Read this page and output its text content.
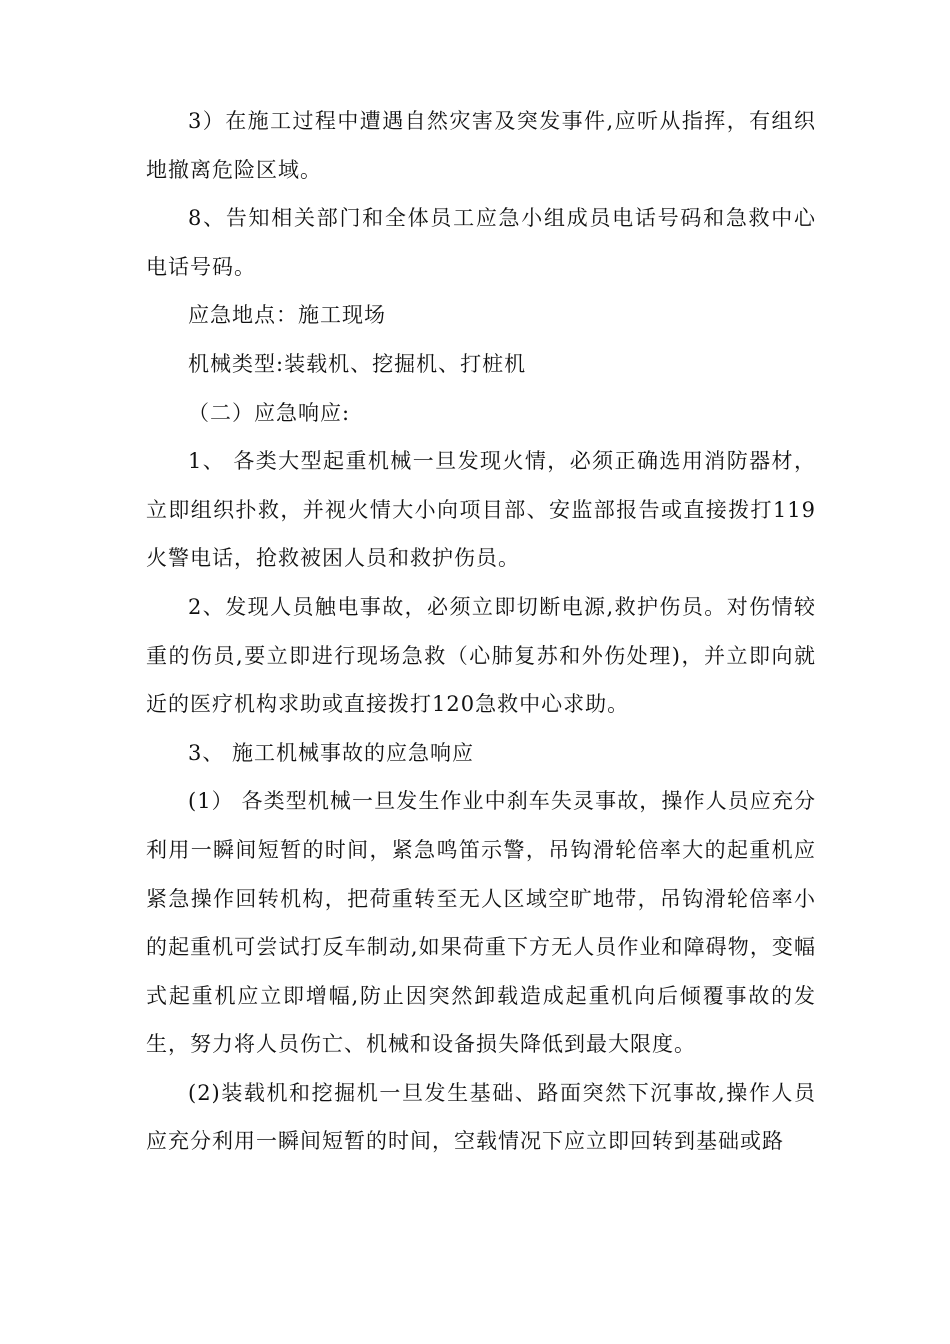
3）在施工过程中遭遇自然灾害及突发事件,应听从指挥，有组织地撤离危险区域。

8、告知相关部门和全体员工应急小组成员电话号码和急救中心电话号码。

应急地点：施工现场

机械类型:装载机、挖掘机、打桩机

（二）应急响应:

1、 各类大型起重机械一旦发现火情，必须正确选用消防器材，立即组织扑救，并视火情大小向项目部、安监部报告或直接拨打119火警电话，抢救被困人员和救护伤员。

2、发现人员触电事故，必须立即切断电源,救护伤员。对伤情较重的伤员,要立即进行现场急救（心肺复苏和外伤处理)，并立即向就近的医疗机构求助或直接拨打120急救中心求助。

3、 施工机械事故的应急响应

(1） 各类型机械一旦发生作业中刹车失灵事故，操作人员应充分利用一瞬间短暂的时间，紧急鸣笛示警，吊钩滑轮倍率大的起重机应紧急操作回转机构，把荷重转至无人区域空旷地带，吊钩滑轮倍率小的起重机可尝试打反车制动,如果荷重下方无人员作业和障碍物，变幅式起重机应立即增幅,防止因突然卸载造成起重机向后倾覆事故的发生，努力将人员伤亡、机械和设备损失降低到最大限度。

(2)装载机和挖掘机一旦发生基础、路面突然下沉事故,操作人员应充分利用一瞬间短暂的时间，空载情况下应立即回转到基础或路
